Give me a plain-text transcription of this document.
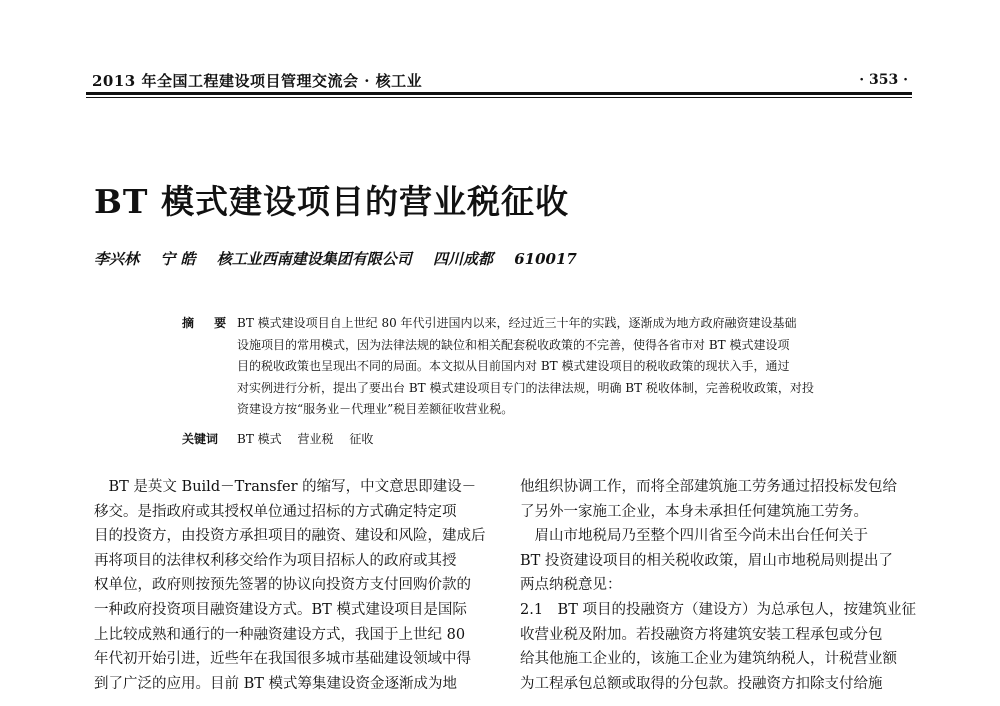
2013 年全国工程建设项目管理交流会 · 核工业	· 353 ·
BT 模式建设项目的营业税征收
李兴林 宁 皓 核工业西南建设集团有限公司 四川成都 610017
摘 要 BT 模式建设项目自上世纪 80 年代引进国内以来，经过近三十年的实践，逐渐成为地方政府融资建设基础
设施项目的常用模式，因为法律法规的缺位和相关配套税收政策的不完善，使得各省市对 BT 模式建设项
目的税收政策也呈现出不同的局面。本文拟从目前国内对 BT 模式建设项目的税收政策的现状入手，通过
对实例进行分析，提出了要出台 BT 模式建设项目专门的法律法规，明确 BT 税收体制，完善税收政策，对投
资建设方按“服务业－代理业”税目差额征收营业税。
关键词 BT 模式 营业税 征收
　BT 是英文 Build－Transfer 的缩写，中文意思即建设－
移交。是指政府或其授权单位通过招标的方式确定特定项
目的投资方，由投资方承担项目的融资、建设和风险，建成后
再将项目的法律权利移交给作为项目招标人的政府或其授
权单位，政府则按预先签署的协议向投资方支付回购价款的
一种政府投资项目融资建设方式。BT 模式建设项目是国际
上比较成熟和通行的一种融资建设方式，我国于上世纪 80
年代初开始引进，近些年在我国很多城市基础建设领域中得
到了广泛的应用。目前 BT 模式筹集建设资金逐渐成为地
他组织协调工作，而将全部建筑施工劳务通过招投标发包给
了另外一家施工企业，本身未承担任何建筑施工劳务。
　眉山市地税局乃至整个四川省至今尚未出台任何关于
BT 投资建设项目的相关税收政策，眉山市地税局则提出了
两点纳税意见：
2.1　BT 项目的投融资方（建设方）为总承包人，按建筑业征
收营业税及附加。若投融资方将建筑安装工程承包或分包
给其他施工企业的，该施工企业为建筑纳税人，计税营业额
为工程承包总额或取得的分包款。投融资方扣除支付给施
